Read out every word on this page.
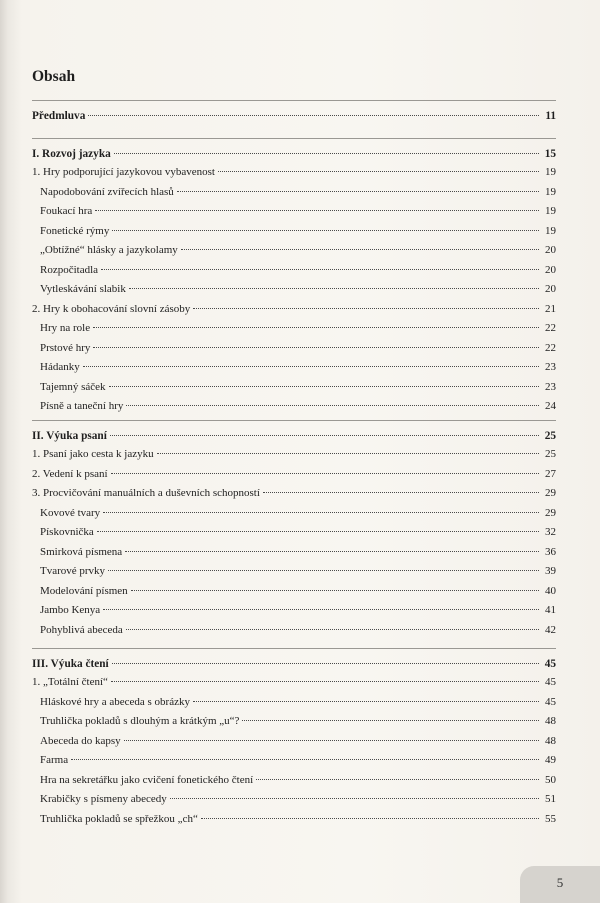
Obsah
Předmluva	11
I. Rozvoj jazyka	15
1. Hry podporující jazykovou vybavenost	19
Napodobování zvířecích hlasů	19
Foukací hra	19
Fonetické rýmy	19
„Obtížné“ hlásky a jazykolamy	20
Rozpočitadla	20
Vytleskávání slabik	20
2. Hry k obohacování slovní zásoby	21
Hry na role	22
Prstové hry	22
Hádanky	23
Tajemný sáček	23
Písně a taneční hry	24
II. Výuka psaní	25
1. Psaní jako cesta k jazyku	25
2. Vedení k psaní	27
3. Procvičování manuálních a duševních schopností	29
Kovové tvary	29
Pískovnička	32
Smirková písmena	36
Tvarové prvky	39
Modelování písmen	40
Jambo Kenya	41
Pohyblivá abeceda	42
III. Výuka čtení	45
1. „Totální čtení“	45
Hláskové hry a abeceda s obrázky	45
Truhlička pokladů s dlouhým a krátkým „u“?	48
Abeceda do kapsy	48
Farma	49
Hra na sekretářku jako cvičení fonetického čtení	50
Krabičky s písmeny abecedy	51
Truhlička pokladů se spřežkou „ch“	55
5
